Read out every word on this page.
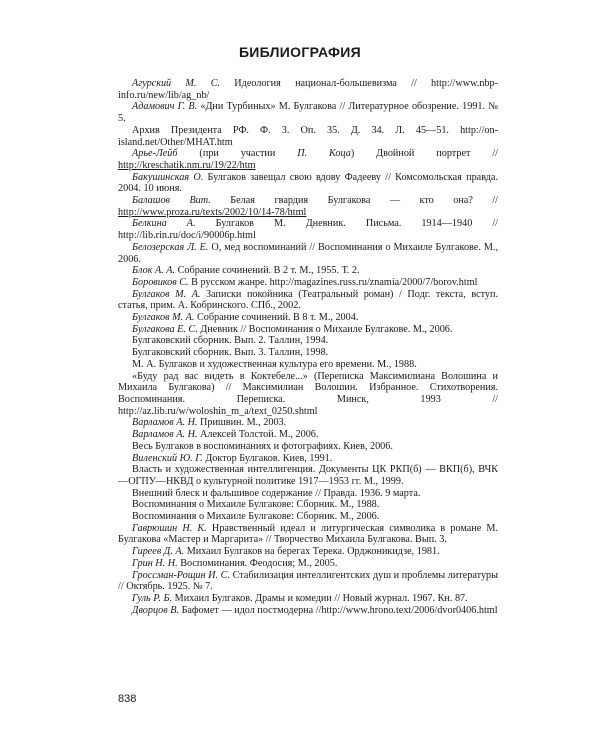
БИБЛИОГРАФИЯ

Агурский М. С. Идеология национал-большевизма // http://www.nbp-info.ru/new/lib/ag_nb/

Адамович Г. В. «Дни Турбиных» М. Булгакова // Литературное обозрение. 1991. № 5.

Архив Президента РФ. Ф. 3. Оп. 35. Д. 34. Л. 45—51. http://on-island.net/Other/MHAT.htm

Арье-Лейб (при участии П. Коца) Двойной портрет // http://kreschatik.nm.ru/19/22/htm

Бакушинская О. Булгаков завещал свою вдову Фадееву // Комсомольская правда. 2004. 10 июня.

Балашов Вит. Белая гвардия Булгакова — кто она? // http://www.proza.ru/texts/2002/10/14-78/html

Белкина А. Булгаков М. Дневник. Письма. 1914—1940 // http://lib.rin.ru/doc/i/90006p.html

Белозерская Л. Е. О, мед воспоминаний // Воспоминания о Михаиле Булгакове. М., 2006.

Блок А. А. Собрание сочинений. В 2 т. М., 1955. Т. 2.

Боровиков С. В русском жанре. http://magazines.russ.ru/znamia/2000/7/borov.html

Булгаков М. А. Записки покойника (Театральный роман) / Подг. текста, вступ. статья, прим. А. Кобринского. СПб., 2002.

Булгаков М. А. Собрание сочинений. В 8 т. М., 2004.

Булгакова Е. С. Дневник // Воспоминания о Михаиле Булгакове. М., 2006.

Булгаковский сборник. Вып. 2. Таллин, 1994.

Булгаковский сборник. Вып. 3. Таллин, 1998.

М. А. Булгаков и художественная культура его времени. М., 1988.

«Буду рад вас видеть в Коктебеле...» (Переписка Максимилиана Волошина и Михаила Булгакова) // Максимилиан Волошин. Избранное. Стихотворения. Воспоминания. Переписка. Минск, 1993 // http://az.lib.ru/w/woloshin_m_a/text_0250.shtml

Варламов А. Н. Пришвин. М., 2003.

Варламов А. Н. Алексей Толстой. М., 2006.

Весь Булгаков в воспоминаниях и фотографиях. Киев, 2006.

Виленский Ю. Г. Доктор Булгаков. Киев, 1991.

Власть и художественная интеллигенция. Документы ЦК РКП(б) — ВКП(б), ВЧК—ОГПУ—НКВД о культурной политике 1917—1953 гг. М., 1999.

Внешний блеск и фальшивое содержание // Правда. 1936. 9 марта.

Воспоминания о Михаиле Булгакове: Сборник. М., 1988.

Воспоминания о Михаиле Булгакове: Сборник. М., 2006.

Гаврюшин Н. К. Нравственный идеал и литургическая символика в романе М. Булгакова «Мастер и Маргарита» // Творчество Михаила Булгакова. Вып. 3.

Гиреев Д. А. Михаил Булгаков на берегах Терека. Орджоникидзе, 1981.

Грин Н. Н. Воспоминания. Феодосия; М., 2005.

Гроссман-Рощин И. С. Стабилизация интеллигентских душ и проблемы литературы // Октябрь. 1925. № 7.

Гуль Р. Б. Михаил Булгаков. Драмы и комедии // Новый журнал. 1967. Кн. 87.

Дворцов В. Бафомет — идол постмодерна //http://www.hrono.text/2006/dvor0406.html

838
